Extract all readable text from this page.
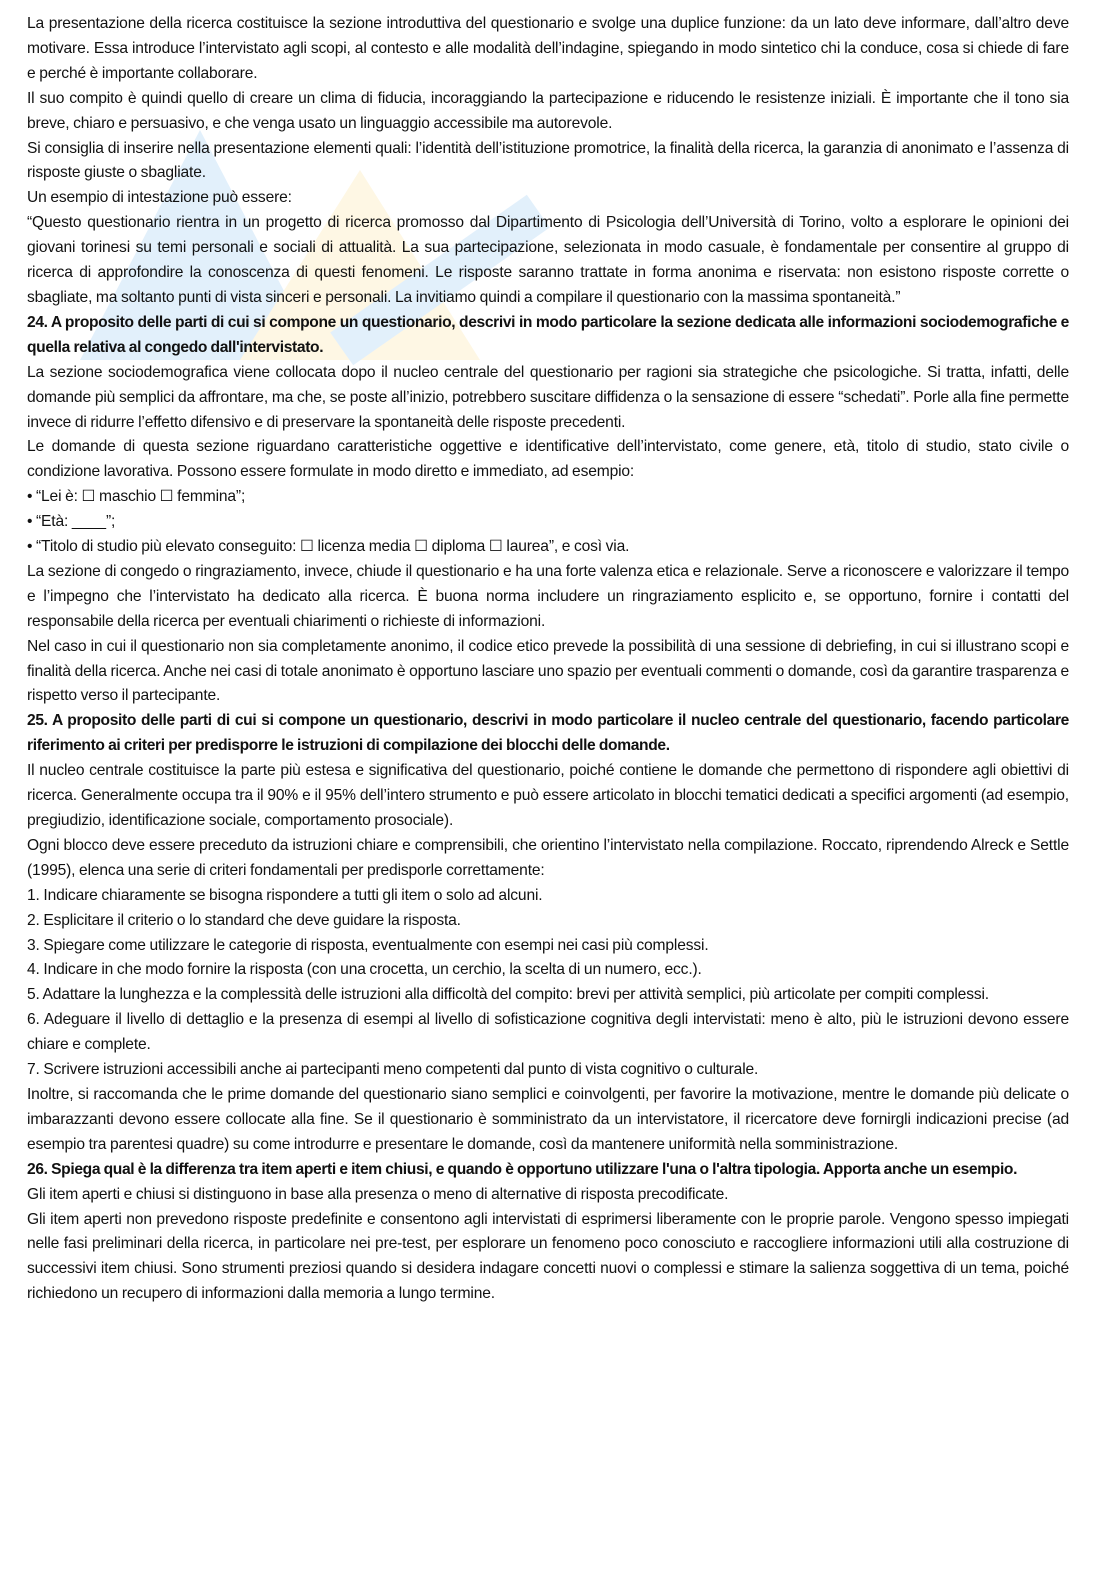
La presentazione della ricerca costituisce la sezione introduttiva del questionario e svolge una duplice funzione: da un lato deve informare, dall’altro deve motivare. Essa introduce l’intervistato agli scopi, al contesto e alle modalità dell’indagine, spiegando in modo sintetico chi la conduce, cosa si chiede di fare e perché è importante collaborare.

Il suo compito è quindi quello di creare un clima di fiducia, incoraggiando la partecipazione e riducendo le resistenze iniziali. È importante che il tono sia breve, chiaro e persuasivo, e che venga usato un linguaggio accessibile ma autorevole.

Si consiglia di inserire nella presentazione elementi quali: l’identità dell’istituzione promotrice, la finalità della ricerca, la garanzia di anonimato e l’assenza di risposte giuste o sbagliate.

Un esempio di intestazione può essere:

“Questo questionario rientra in un progetto di ricerca promosso dal Dipartimento di Psicologia dell’Università di Torino, volto a esplorare le opinioni dei giovani torinesi su temi personali e sociali di attualità. La sua partecipazione, selezionata in modo casuale, è fondamentale per consentire al gruppo di ricerca di approfondire la conoscenza di questi fenomeni. Le risposte saranno trattate in forma anonima e riservata: non esistono risposte corrette o sbagliate, ma soltanto punti di vista sinceri e personali. La invitiamo quindi a compilare il questionario con la massima spontaneità.”

24. A proposito delle parti di cui si compone un questionario, descrivi in modo particolare la sezione dedicata alle informazioni sociodemografiche e quella relativa al congedo dall'intervistato.

La sezione sociodemografica viene collocata dopo il nucleo centrale del questionario per ragioni sia strategiche che psicologiche. Si tratta, infatti, delle domande più semplici da affrontare, ma che, se poste all’inizio, potrebbero suscitare diffidenza o la sensazione di essere “schedati”. Porle alla fine permette invece di ridurre l’effetto difensivo e di preservare la spontaneità delle risposte precedenti.

Le domande di questa sezione riguardano caratteristiche oggettive e identificative dell’intervistato, come genere, età, titolo di studio, stato civile o condizione lavorativa. Possono essere formulate in modo diretto e immediato, ad esempio:

• “Lei è: ☐ maschio ☐ femmina”;

• “Età: ____”;

• “Titolo di studio più elevato conseguito: ☐ licenza media ☐ diploma ☐ laurea”, e così via.

La sezione di congedo o ringraziamento, invece, chiude il questionario e ha una forte valenza etica e relazionale. Serve a riconoscere e valorizzare il tempo e l’impegno che l’intervistato ha dedicato alla ricerca. È buona norma includere un ringraziamento esplicito e, se opportuno, fornire i contatti del responsabile della ricerca per eventuali chiarimenti o richieste di informazioni.

Nel caso in cui il questionario non sia completamente anonimo, il codice etico prevede la possibilità di una sessione di debriefing, in cui si illustrano scopi e finalità della ricerca. Anche nei casi di totale anonimato è opportuno lasciare uno spazio per eventuali commenti o domande, così da garantire trasparenza e rispetto verso il partecipante.

25. A proposito delle parti di cui si compone un questionario, descrivi in modo particolare il nucleo centrale del questionario, facendo particolare riferimento ai criteri per predisporre le istruzioni di compilazione dei blocchi delle domande.

Il nucleo centrale costituisce la parte più estesa e significativa del questionario, poiché contiene le domande che permettono di rispondere agli obiettivi di ricerca. Generalmente occupa tra il 90% e il 95% dell’intero strumento e può essere articolato in blocchi tematici dedicati a specifici argomenti (ad esempio, pregiudizio, identificazione sociale, comportamento prosociale).

Ogni blocco deve essere preceduto da istruzioni chiare e comprensibili, che orientino l’intervistato nella compilazione. Roccato, riprendendo Alreck e Settle (1995), elenca una serie di criteri fondamentali per predisporle correttamente:

1. Indicare chiaramente se bisogna rispondere a tutti gli item o solo ad alcuni.

2. Esplicitare il criterio o lo standard che deve guidare la risposta.

3. Spiegare come utilizzare le categorie di risposta, eventualmente con esempi nei casi più complessi.

4. Indicare in che modo fornire la risposta (con una crocetta, un cerchio, la scelta di un numero, ecc.).

5. Adattare la lunghezza e la complessità delle istruzioni alla difficoltà del compito: brevi per attività semplici, più articolate per compiti complessi.

6. Adeguare il livello di dettaglio e la presenza di esempi al livello di sofisticazione cognitiva degli intervistati: meno è alto, più le istruzioni devono essere chiare e complete.

7. Scrivere istruzioni accessibili anche ai partecipanti meno competenti dal punto di vista cognitivo o culturale.

Inoltre, si raccomanda che le prime domande del questionario siano semplici e coinvolgenti, per favorire la motivazione, mentre le domande più delicate o imbarazzanti devono essere collocate alla fine. Se il questionario è somministrato da un intervistatore, il ricercatore deve fornirgli indicazioni precise (ad esempio tra parentesi quadre) su come introdurre e presentare le domande, così da mantenere uniformità nella somministrazione.

26. Spiega qual è la differenza tra item aperti e item chiusi, e quando è opportuno utilizzare l'una o l'altra tipologia. Apporta anche un esempio.

Gli item aperti e chiusi si distinguono in base alla presenza o meno di alternative di risposta precodificate.

Gli item aperti non prevedono risposte predefinite e consentono agli intervistati di esprimersi liberamente con le proprie parole. Vengono spesso impiegati nelle fasi preliminari della ricerca, in particolare nei pre-test, per esplorare un fenomeno poco conosciuto e raccogliere informazioni utili alla costruzione di successivi item chiusi. Sono strumenti preziosi quando si desidera indagare concetti nuovi o complessi e stimare la salienza soggettiva di un tema, poiché richiedono un recupero di informazioni dalla memoria a lungo termine.
